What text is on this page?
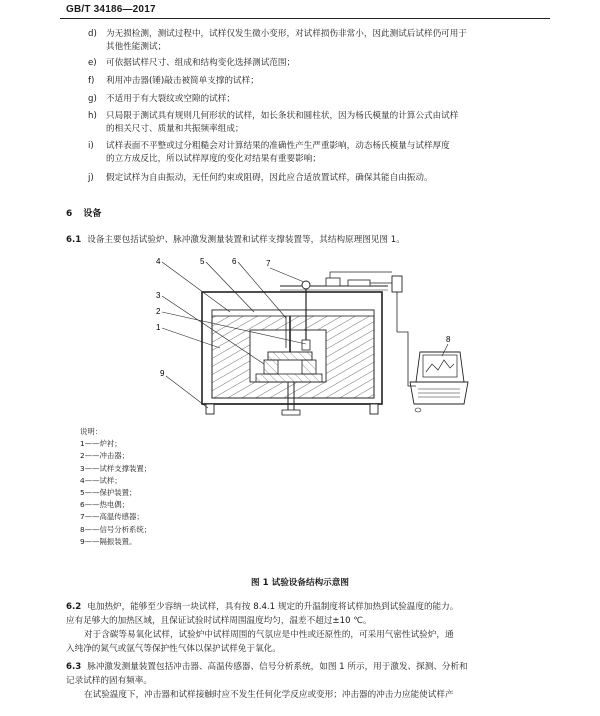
GB/T 34186—2017
d)	为无损检测，测试过程中，试样仅发生微小变形，对试样损伤非常小，因此测试后试样仍可用于
其他性能测试；
e)	可依据试样尺寸、组成和结构变化选择测试范围；
f)	利用冲击器(锤)敲击被简单支撑的试样；
g)	不适用于有大裂纹或空隙的试样；
h)	只局限于测试具有规则几何形状的试样，如长条状和圆柱状，因为杨氏模量的计算公式由试样
的相关尺寸、质量和共振频率组成；
i)	试样表面不平整或过分粗糙会对计算结果的准确性产生严重影响，动态杨氏模量与试样厚度
的立方成反比，所以试样厚度的变化对结果有重要影响；
j)	假定试样为自由振动，无任何约束或阻碍，因此应合适放置试样，确保其能自由振动。
6 设备
6.1 设备主要包括试验炉、脉冲激发测量装置和试样支撑装置等，其结构原理图见图 1。
4	5	6	7
3
2
1
9
8
说明：
1——炉衬；
2——冲击器；
3——试样支撑装置；
4——试样；
5——保护装置；
6——热电偶；
7——高温传感器；
8——信号分析系统；
9——隔振装置。
图 1 试验设备结构示意图
6.2 电加热炉，能够至少容纳一块试样，具有按 8.4.1 规定的升温制度将试样加热到试验温度的能力。
应有足够大的加热区域，且保证试验时试样周围温度均匀，温差不超过±10 ℃。
对于含碳等易氧化试样，试验炉中试样周围的气氛应是中性或还原性的，可采用气密性试验炉，通
入纯净的氮气或氩气等保护性气体以保护试样免于氧化。
6.3 脉冲激发测量装置包括冲击器、高温传感器、信号分析系统，如图 1 所示，用于激发、探测、分析和
记录试样的固有频率。
在试验温度下，冲击器和试样接触时应不发生任何化学反应或变形；冲击器的冲击力应能使试样产
